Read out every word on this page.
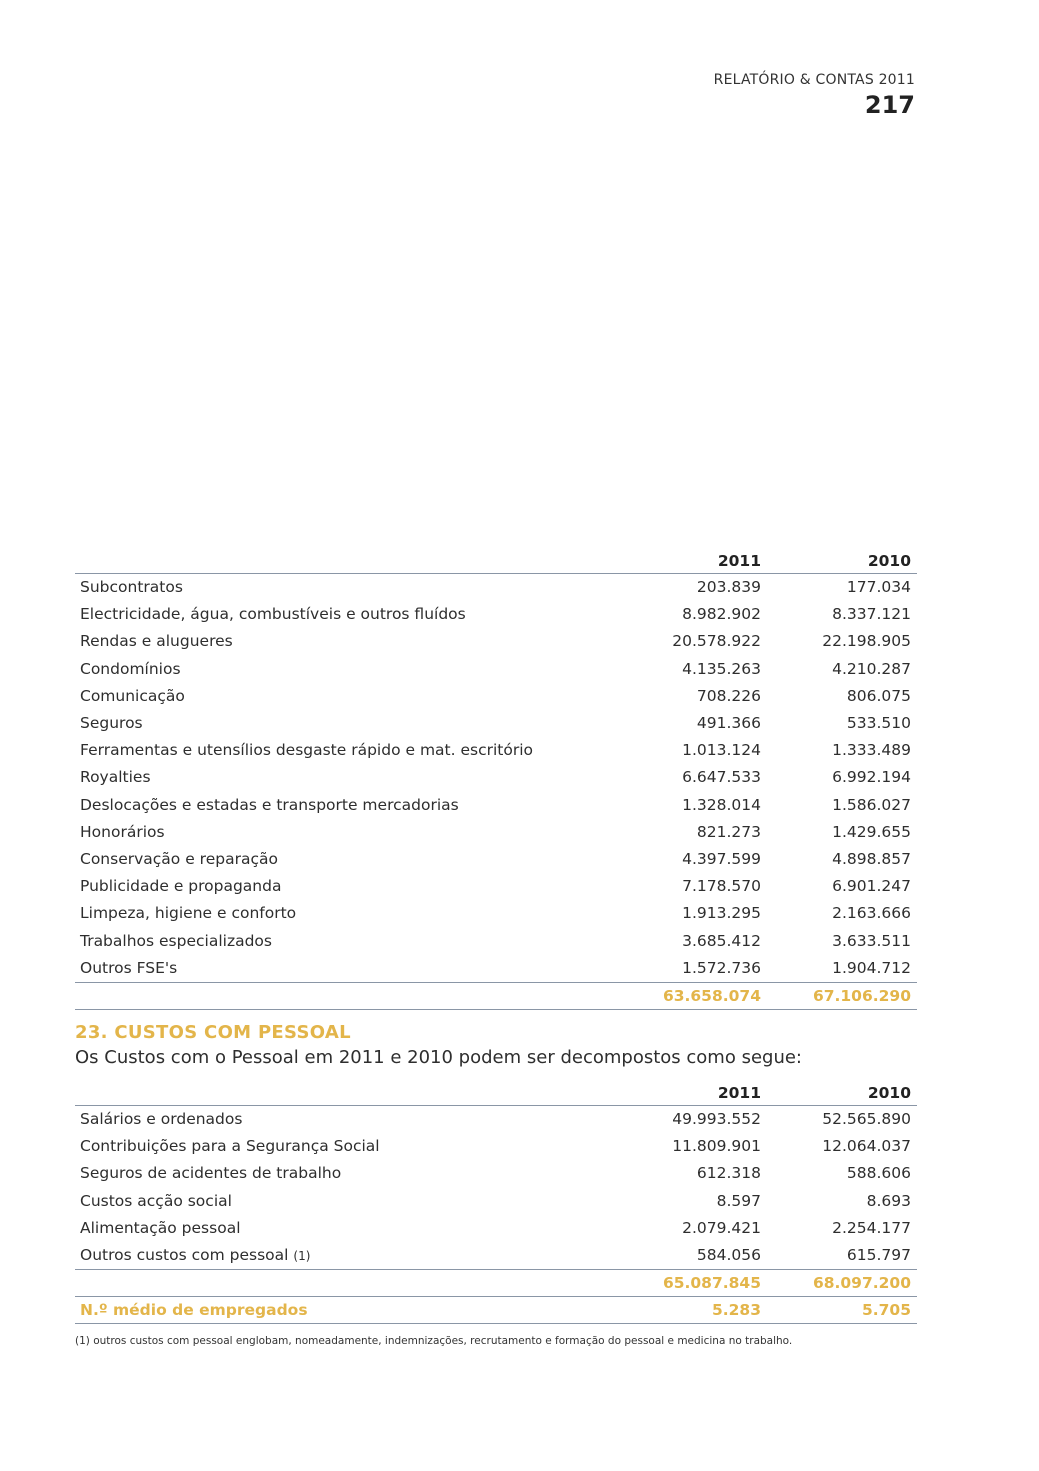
RELATÓRIO & CONTAS 2011
217
2011	2010
Subcontratos	203.839	177.034
Electricidade, água, combustíveis e outros fluídos	8.982.902	8.337.121
Rendas e alugueres	20.578.922	22.198.905
Condomínios	4.135.263	4.210.287
Comunicação	708.226	806.075
Seguros	491.366	533.510
Ferramentas e utensílios desgaste rápido e mat. escritório	1.013.124	1.333.489
Royalties	6.647.533	6.992.194
Deslocações e estadas e transporte mercadorias	1.328.014	1.586.027
Honorários	821.273	1.429.655
Conservação e reparação	4.397.599	4.898.857
Publicidade e propaganda	7.178.570	6.901.247
Limpeza, higiene e conforto	1.913.295	2.163.666
Trabalhos especializados	3.685.412	3.633.511
Outros FSE's	1.572.736	1.904.712
63.658.074	67.106.290
23. CUSTOS COM PESSOAL
Os Custos com o Pessoal em 2011 e 2010 podem ser decompostos como segue:
2011	2010
Salários e ordenados	49.993.552	52.565.890
Contribuições para a Segurança Social	11.809.901	12.064.037
Seguros de acidentes de trabalho	612.318	588.606
Custos acção social	8.597	8.693
Alimentação pessoal	2.079.421	2.254.177
Outros custos com pessoal (1)	584.056	615.797
65.087.845	68.097.200
N.º médio de empregados	5.283	5.705
(1) outros custos com pessoal englobam, nomeadamente, indemnizações, recrutamento e formação do pessoal e medicina no trabalho.
